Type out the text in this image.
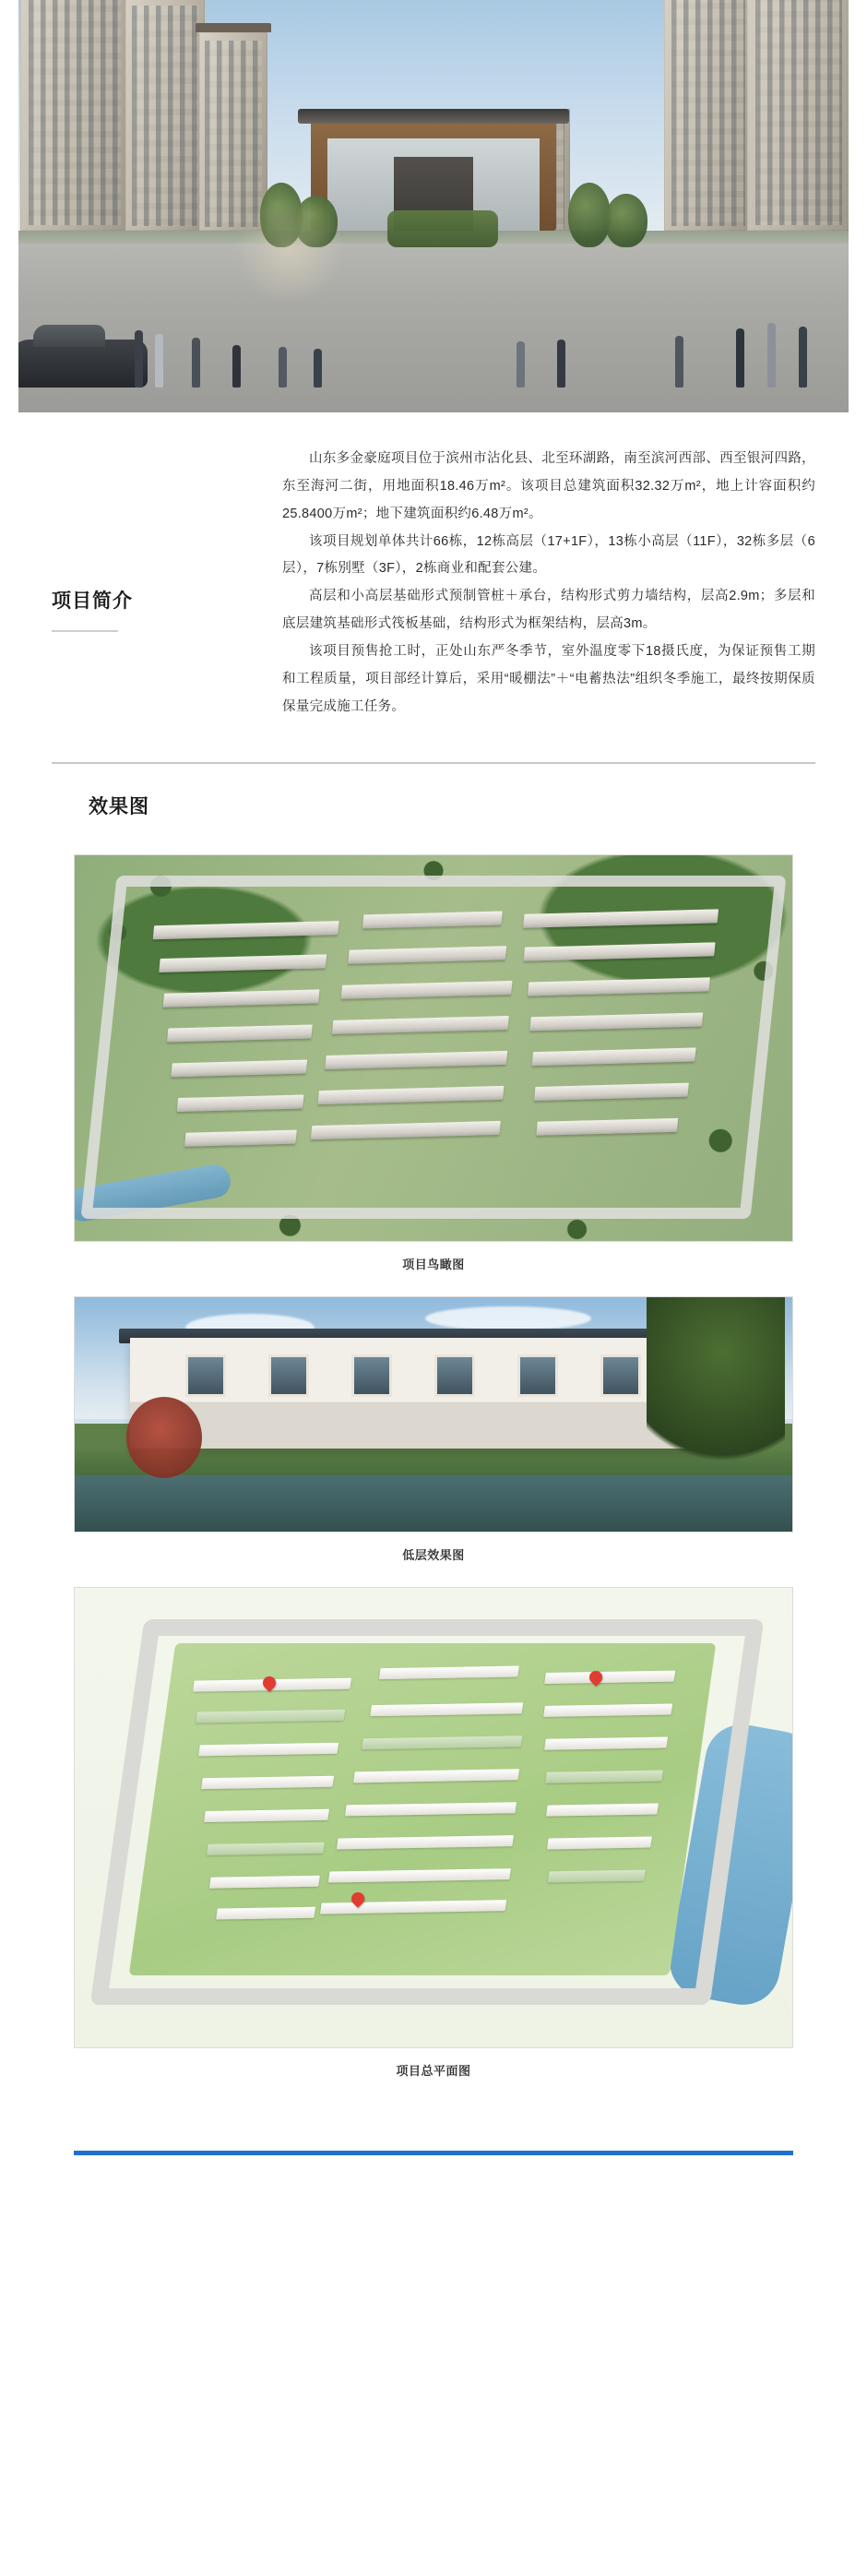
项目简介

山东多金豪庭项目位于滨州市沾化县、北至环湖路，南至滨河西部、西至银河四路，东至海河二街，用地面积18.46万m²。该项目总建筑面积32.32万m²，地上计容面积约25.8400万m²；地下建筑面积约6.48万m²。

该项目规划单体共计66栋，12栋高层（17+1F），13栋小高层（11F），32栋多层（6层），7栋别墅（3F），2栋商业和配套公建。

高层和小高层基础形式预制管桩＋承台，结构形式剪力墙结构，层高2.9m；多层和底层建筑基础形式筏板基础，结构形式为框架结构，层高3m。

该项目预售抢工时，正处山东严冬季节，室外温度零下18摄氏度，为保证预售工期和工程质量，项目部经计算后，采用“暖棚法”＋“电蓄热法”组织冬季施工，最终按期保质保量完成施工任务。

效果图
项目鸟瞰图
低层效果图
项目总平面图
